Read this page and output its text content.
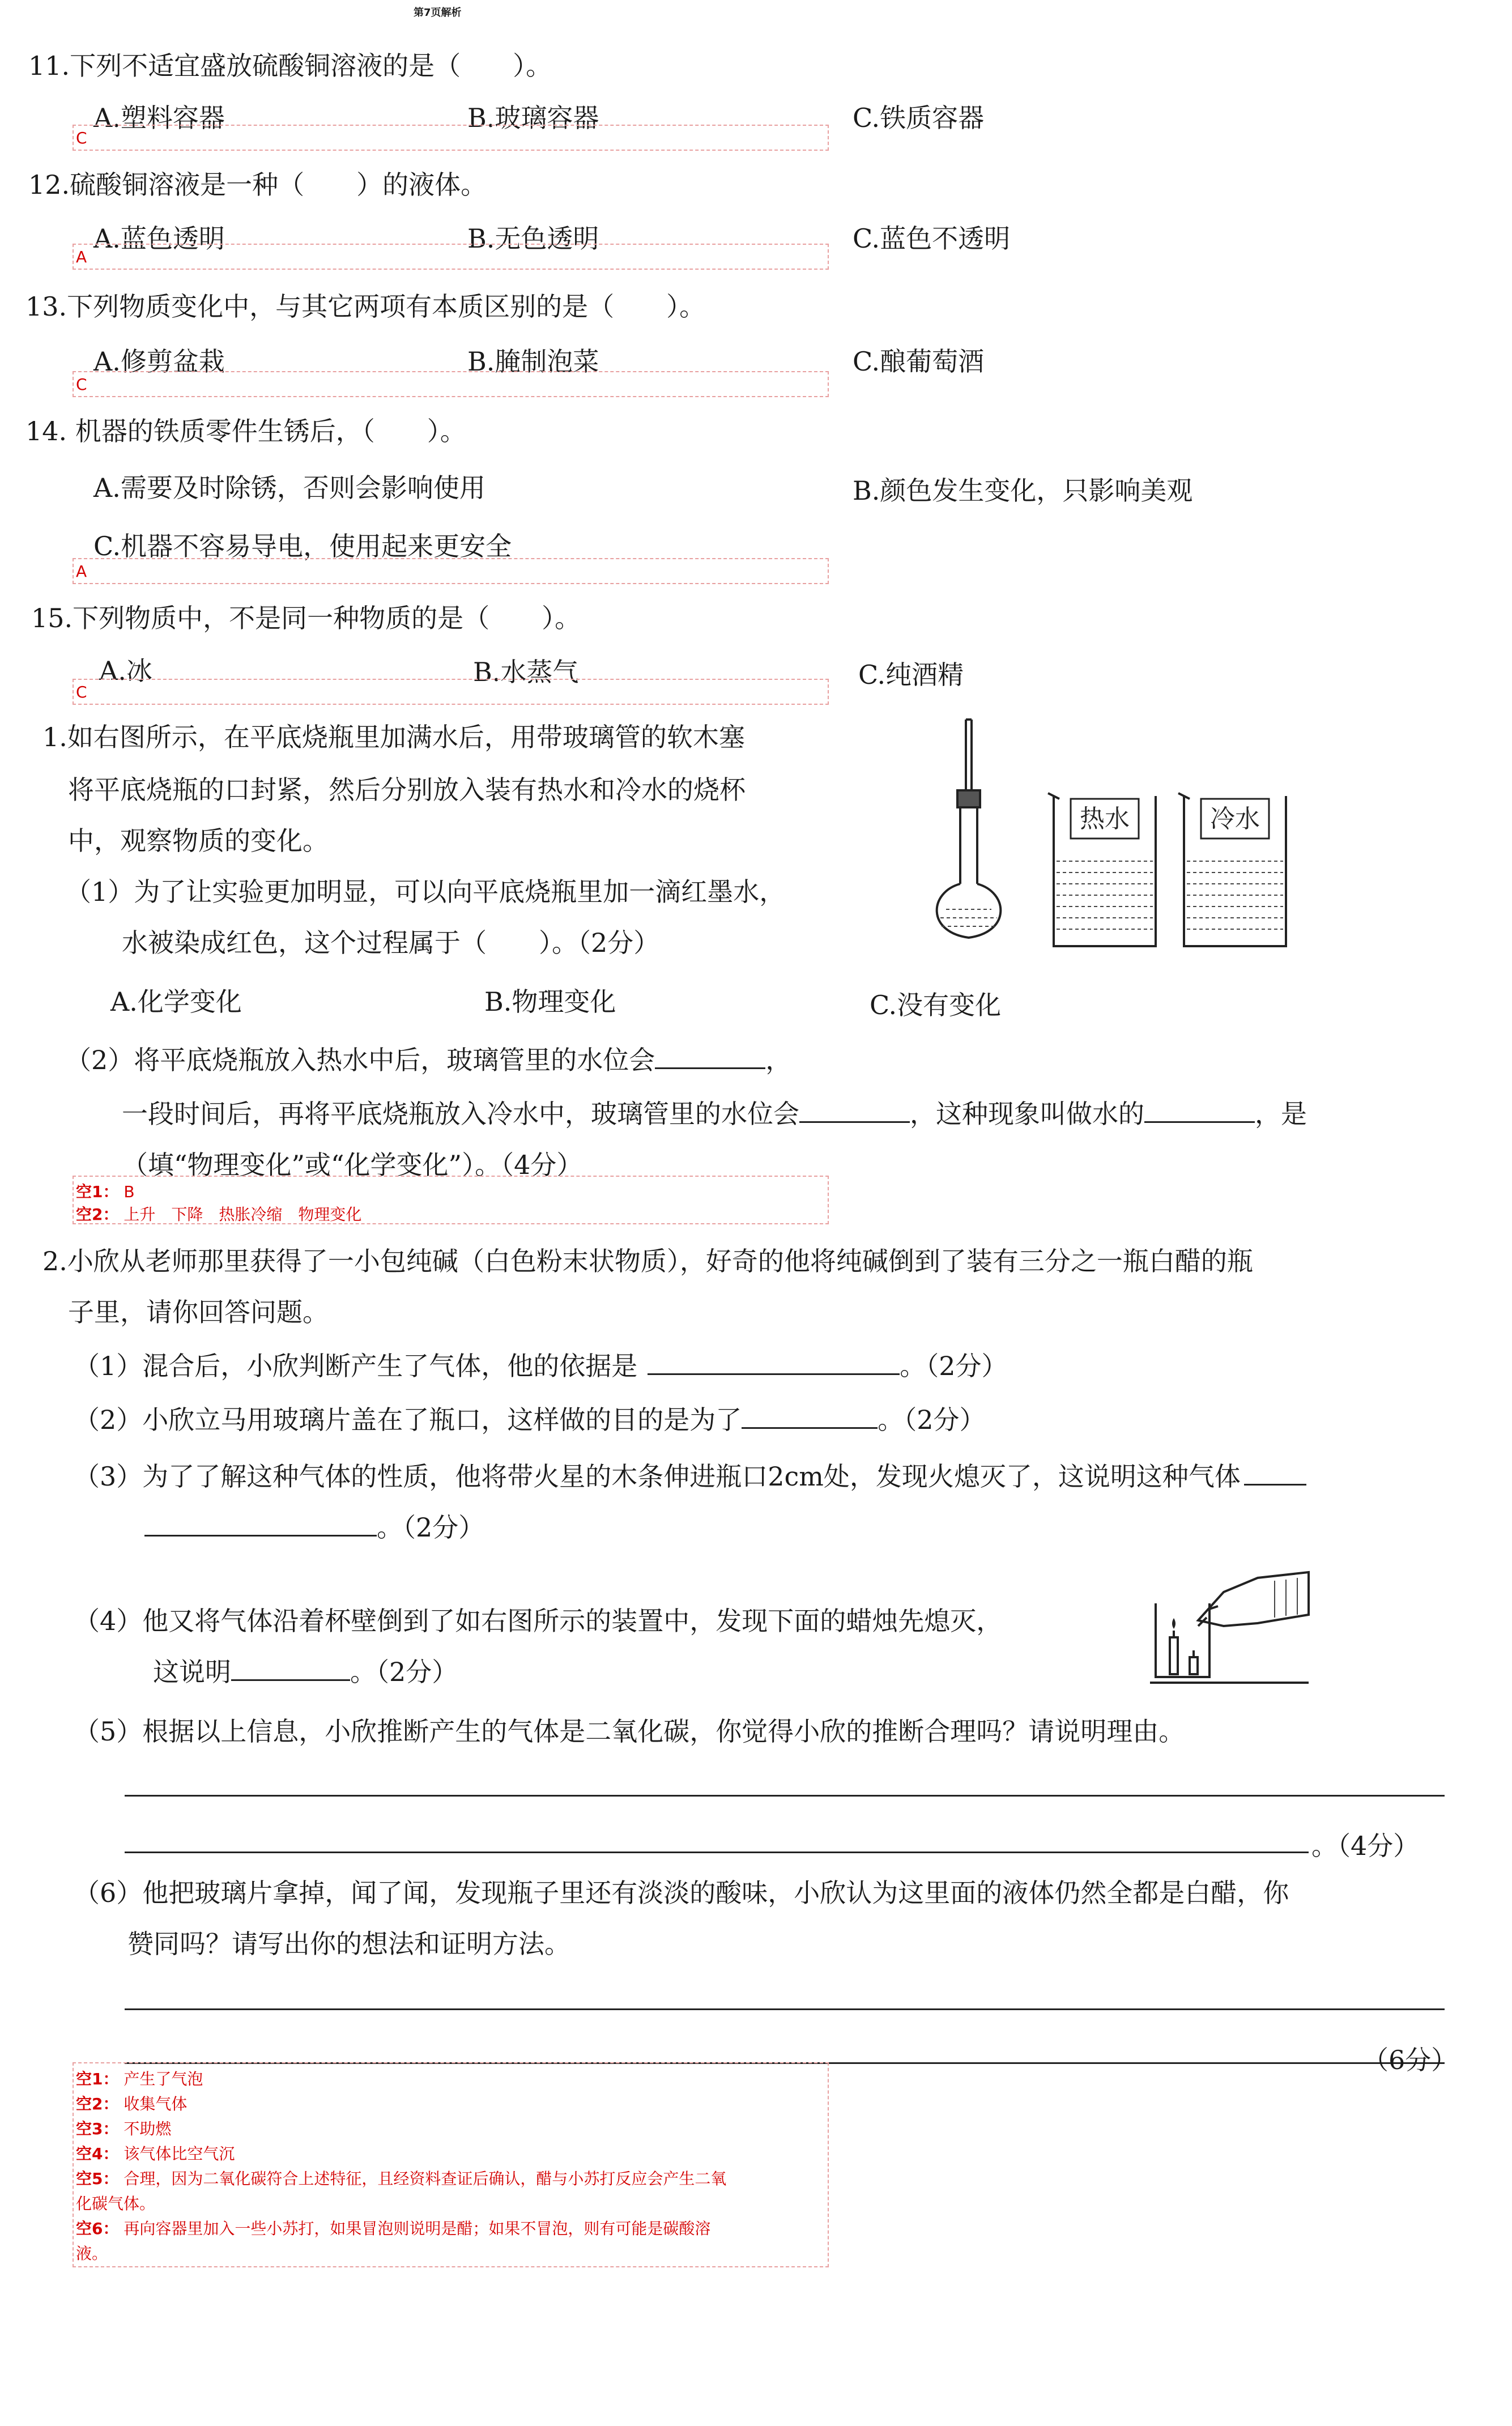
第7页解析
11.下列不适宜盛放硫酸铜溶液的是（　　）。
A.塑料容器	B.玻璃容器	C.铁质容器
C
12.硫酸铜溶液是一种（　　）的液体。
A.蓝色透明	B.无色透明	C.蓝色不透明
A
13.下列物质变化中，与其它两项有本质区别的是（　　）。
A.修剪盆栽	B.腌制泡菜	C.酿葡萄酒
C
14. 机器的铁质零件生锈后，（　　）。
A.需要及时除锈，否则会影响使用	B.颜色发生变化，只影响美观
C.机器不容易导电，使用起来更安全
A
15.下列物质中，不是同一种物质的是（　　）。
A.冰	B.水蒸气	C.纯酒精
C
1.如右图所示，在平底烧瓶里加满水后，用带玻璃管的软木塞
将平底烧瓶的口封紧，然后分别放入装有热水和冷水的烧杯
中，观察物质的变化。
（1）为了让实验更加明显，可以向平底烧瓶里加一滴红墨水，
水被染成红色，这个过程属于（　　）。（2分）
A.化学变化	B.物理变化	C.没有变化
（2）将平底烧瓶放入热水中后，玻璃管里的水位会	，
一段时间后，再将平底烧瓶放入冷水中，玻璃管里的水位会	，这种现象叫做水的	，是
（填“物理变化”或“化学变化”）。（4分）
空1： B
空2： 上升　下降　热胀冷缩　物理变化
热水	冷水
2.小欣从老师那里获得了一小包纯碱（白色粉末状物质），好奇的他将纯碱倒到了装有三分之一瓶白醋的瓶
子里，请你回答问题。
（1）混合后，小欣判断产生了气体，他的依据是	。（2分）
（2）小欣立马用玻璃片盖在了瓶口，这样做的目的是为了	。（2分）
（3）为了了解这种气体的性质，他将带火星的木条伸进瓶口2cm处，发现火熄灭了，这说明这种气体
。（2分）
（4）他又将气体沿着杯壁倒到了如右图所示的装置中，发现下面的蜡烛先熄灭，
这说明	。（2分）
（5）根据以上信息，小欣推断产生的气体是二氧化碳，你觉得小欣的推断合理吗？请说明理由。
。（4分）
（6）他把玻璃片拿掉，闻了闻，发现瓶子里还有淡淡的酸味，小欣认为这里面的液体仍然全都是白醋，你
赞同吗？请写出你的想法和证明方法。
（6分）
空1： 产生了气泡
空2： 收集气体
空3： 不助燃
空4： 该气体比空气沉
空5： 合理，因为二氧化碳符合上述特征，且经资料查证后确认，醋与小苏打反应会产生二氧
化碳气体。
空6： 再向容器里加入一些小苏打，如果冒泡则说明是醋；如果不冒泡，则有可能是碳酸溶
液。
